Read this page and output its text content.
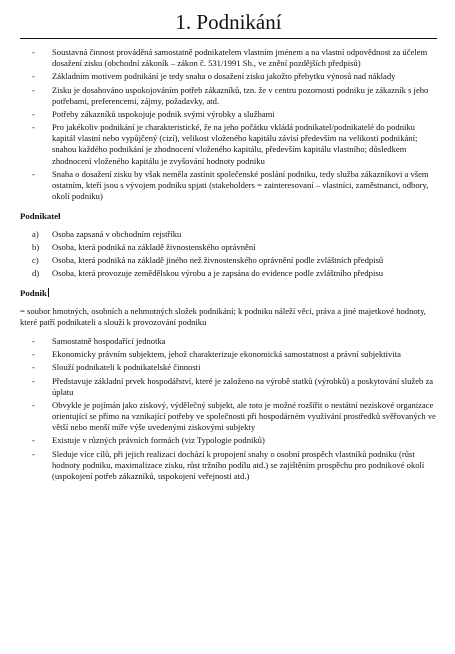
1. Podnikání
- Soustavná činnost prováděná samostatně podnikatelem vlastním jménem a na vlastní odpovědnost za účelem dosažení zisku (obchodní zákoník – zákon č. 531/1991 Sb., ve znění pozdějších předpisů)
- Základním motivem podnikání je tedy snaha o dosažení zisku jakožto přebytku výnosů nad náklady
- Zisku je dosahováno uspokojováním potřeb zákazníků, tzn. že v centru pozornosti podniku je zákazník s jeho potřebami, preferencemi, zájmy, požadavky, atd.
- Potřeby zákazníků uspokojuje podnik svými výrobky a službami
- Pro jakékoliv podnikání je charakteristické, že na jeho počátku vkládá podnikatel/podnikatelé do podniku kapitál vlastní nebo vypůjčený (cizí), velikost vloženého kapitálu závisí především na velikosti podnikání; snahou každého podnikání je zhodnocení vloženého kapitálu, především kapitálu vlastního; důsledkem zhodnocení vloženého kapitálu je zvyšování hodnoty podniku
- Snaha o dosažení zisku by však neměla zastínit společenské poslání podniku, tedy služba zákazníkovi a všem ostatním, kteří jsou s vývojem podniku spjati (stakeholders = zainteresovaní – vlastníci, zaměstnanci, odbory, okolí podniku)
Podnikatel
a) Osoba zapsaná v obchodním rejstříku
b) Osoba, která podniká na základě živnostenského oprávnění
c) Osoba, která podniká na základě jiného než živnostenského oprávnění podle zvláštních předpisů
d) Osoba, která provozuje zemědělskou výrobu a je zapsána do evidence podle zvláštního předpisu
Podnik

= soubor hmotných, osobních a nehmotných složek podnikání; k podniku náleží věci, práva a jiné majetkové hodnoty, které patří podnikateli a slouží k provozování podniku

- Samostatně hospodařící jednotka
- Ekonomicky právním subjektem, jehož charakterizuje ekonomická samostatnost a právní subjektivita
- Slouží podnikateli k podnikatelské činnosti
- Představuje základní prvek hospodářství, které je založeno na výrobě statků (výrobků) a poskytování služeb za úplatu
- Obvykle je pojímán jako ziskový, výdělečný subjekt, ale toto je možné rozšířit o nestátní neziskové organizace orientující se přímo na vznikající potřeby ve společnosti při hospodárném využívání prostředků svěřovaných ve větší nebo menší míře výše uvedenými ziskovými subjekty
- Existuje v různých právních formách (viz Typologie podniků)
- Sleduje více cílů, při jejich realizaci dochází k propojení snahy o osobní prospěch vlastníků podniku (růst hodnoty podniku, maximalizace zisku, růst tržního podílu atd.) se zajištěním prospěchu pro podnikové okolí (uspokojení potřeb zákazníků, uspokojení veřejnosti atd.)
